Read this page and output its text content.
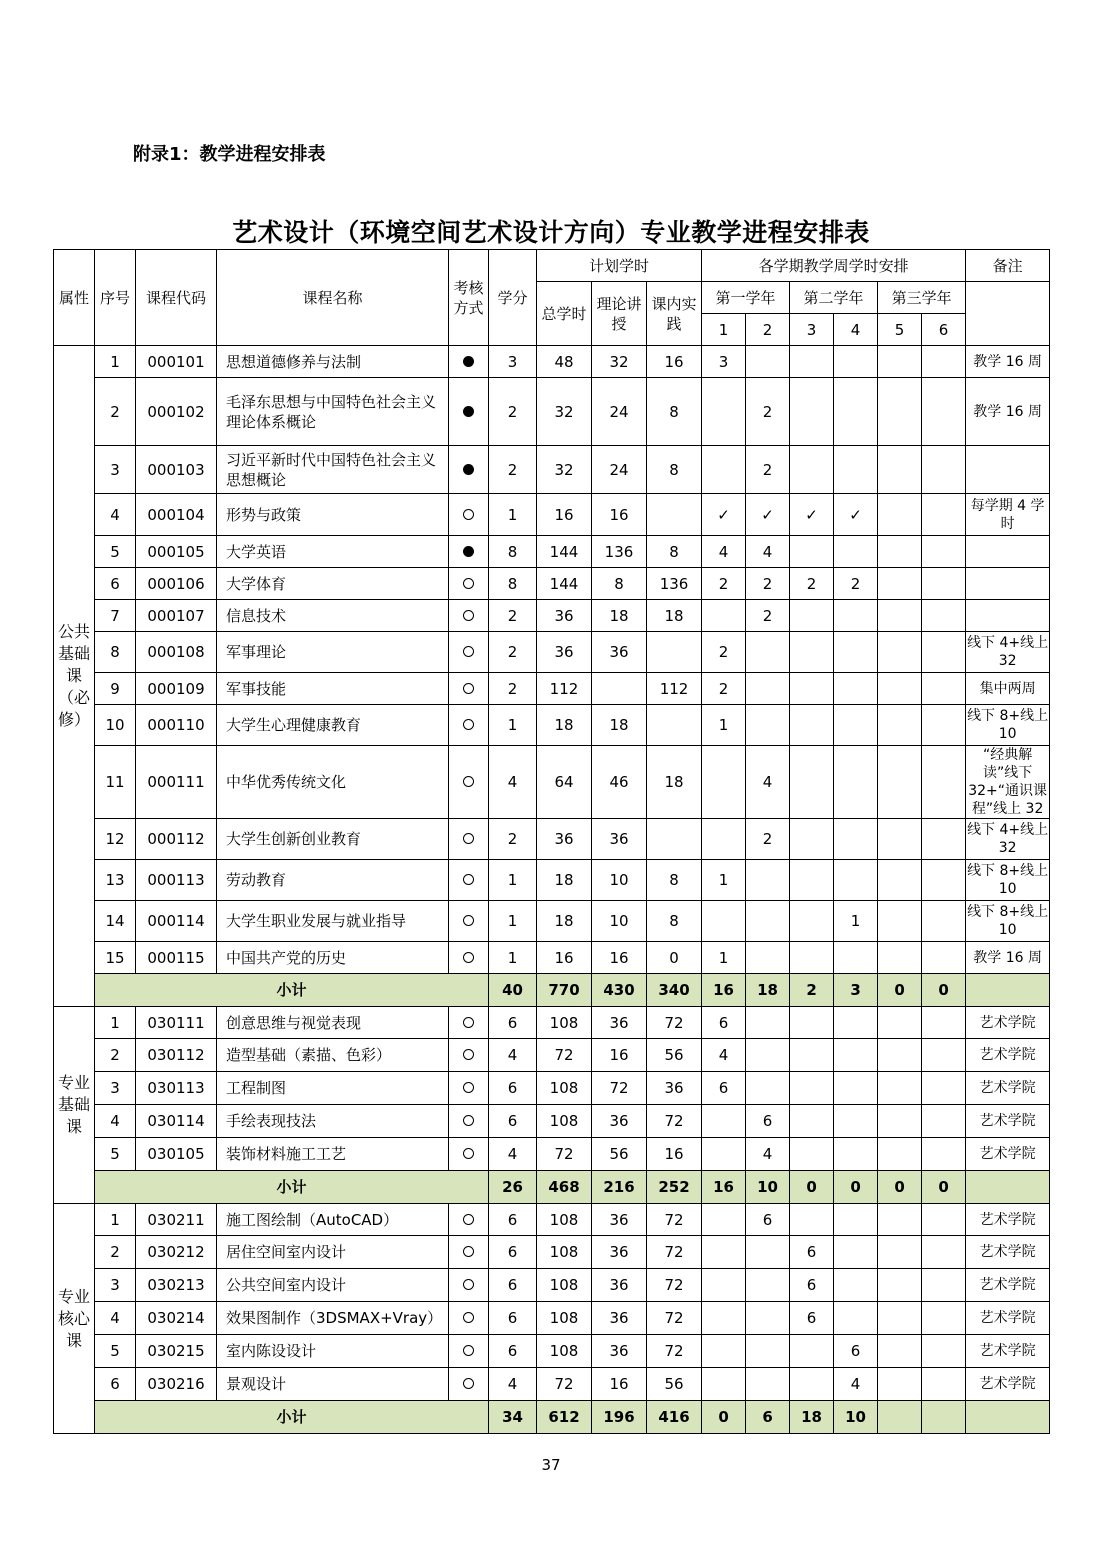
附录1：教学进程安排表
艺术设计（环境空间艺术设计方向）专业教学进程安排表
属性	序号	课程代码	课程名称	考核方式	学分	计划学时			各学期教学周学时安排						备注
						总学时	理论讲授	课内实践	第一学年		第二学年		第三学年		
									1	2	3	4	5	6	
公共基础课（必修）	1	000101	思想道德修养与法制		3	48	32	16	3						教学 16 周
	2	000102	毛泽东思想与中国特色社会主义理论体系概论		2	32	24	8		2					教学 16 周
	3	000103	习近平新时代中国特色社会主义思想概论		2	32	24	8		2					
	4	000104	形势与政策		1	16	16		✓	✓	✓	✓			每学期 4 学时
	5	000105	大学英语		8	144	136	8	4	4					
	6	000106	大学体育		8	144	8	136	2	2	2	2			
	7	000107	信息技术		2	36	18	18		2					
	8	000108	军事理论		2	36	36		2						线下 4+线上 32
	9	000109	军事技能		2	112		112	2						集中两周
	10	000110	大学生心理健康教育		1	18	18		1						线下 8+线上 10
	11	000111	中华优秀传统文化		4	64	46	18		4					“经典解读”线下 32+“通识课程”线上 32
	12	000112	大学生创新创业教育		2	36	36			2					线下 4+线上 32
	13	000113	劳动教育		1	18	10	8	1						线下 8+线上 10
	14	000114	大学生职业发展与就业指导		1	18	10	8				1			线下 8+线上 10
	15	000115	中国共产党的历史		1	16	16	0	1						教学 16 周
	小计				40	770	430	340	16	18	2	3	0	0	
专业基础课	1	030111	创意思维与视觉表现		6	108	36	72	6						艺术学院
	2	030112	造型基础（素描、色彩）		4	72	16	56	4						艺术学院
	3	030113	工程制图		6	108	72	36	6						艺术学院
	4	030114	手绘表现技法		6	108	36	72		6					艺术学院
	5	030105	装饰材料施工工艺		4	72	56	16		4					艺术学院
	小计				26	468	216	252	16	10	0	0	0	0	
专业核心课	1	030211	施工图绘制（AutoCAD）		6	108	36	72		6					艺术学院
	2	030212	居住空间室内设计		6	108	36	72			6				艺术学院
	3	030213	公共空间室内设计		6	108	36	72			6				艺术学院
	4	030214	效果图制作（3DSMAX+Vray）		6	108	36	72			6				艺术学院
	5	030215	室内陈设设计		6	108	36	72				6			艺术学院
	6	030216	景观设计		4	72	16	56				4			艺术学院
	小计				34	612	196	416	0	6	18	10			
37
